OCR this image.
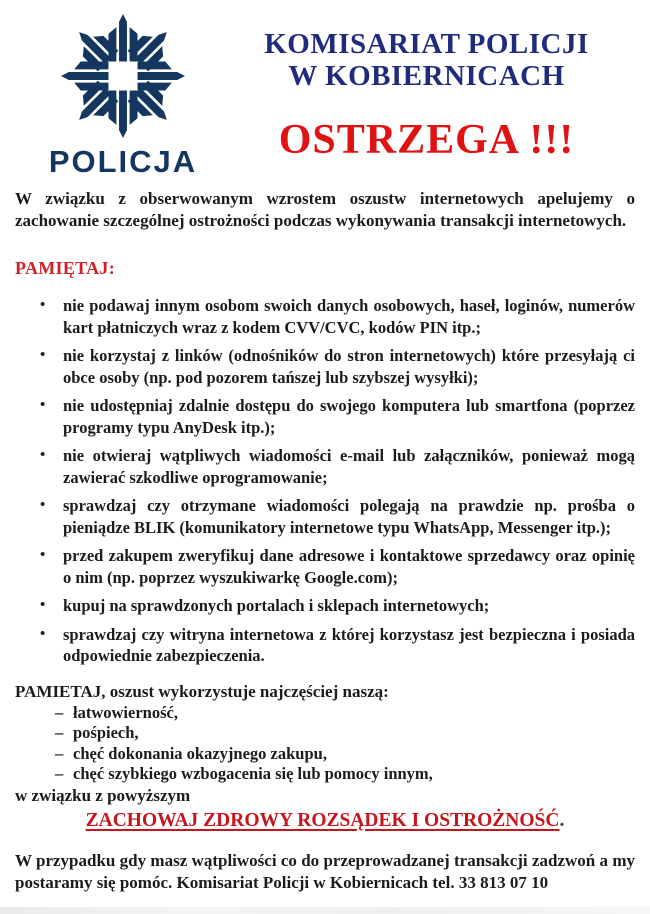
POLICJA
KOMISARIAT POLICJI
W KOBIERNICACH
OSTRZEGA !!!

W związku z obserwowanym wzrostem oszustw internetowych apelujemy o zachowanie szczególnej ostrożności podczas wykonywania transakcji internetowych.

PAMIĘTAJ:
•	nie podawaj innym osobom swoich danych osobowych, haseł, loginów, numerów kart płatniczych wraz z kodem CVV/CVC, kodów PIN itp.;
•	nie korzystaj z linków (odnośników do stron internetowych) które przesyłają ci obce osoby (np. pod pozorem tańszej lub szybszej wysyłki);
•	nie udostępniaj zdalnie dostępu do swojego komputera lub smartfona (poprzez programy typu AnyDesk itp.);
•	nie otwieraj wątpliwych wiadomości e-mail lub załączników, ponieważ mogą zawierać szkodliwe oprogramowanie;
•	sprawdzaj czy otrzymane wiadomości polegają na prawdzie np. prośba o pieniądze BLIK (komunikatory internetowe typu WhatsApp, Messenger itp.);
•	przed zakupem zweryfikuj dane adresowe i kontaktowe sprzedawcy oraz opinię o nim (np. poprzez wyszukiwarkę Google.com);
•	kupuj na sprawdzonych portalach i sklepach internetowych;
•	sprawdzaj czy witryna internetowa z której korzystasz jest bezpieczna i posiada odpowiednie zabezpieczenia.

PAMIETAJ, oszust wykorzystuje najczęściej naszą:

– łatwowierność,
– pośpiech,
– chęć dokonania okazyjnego zakupu,
– chęć szybkiego wzbogacenia się lub pomocy innym,

w związku z powyższym

ZACHOWAJ ZDROWY ROZSĄDEK I OSTROŻNOŚĆ.

W przypadku gdy masz wątpliwości co do przeprowadzanej transakcji zadzwoń a my postaramy się pomóc. Komisariat Policji w Kobiernicach tel. 33 813 07 10
